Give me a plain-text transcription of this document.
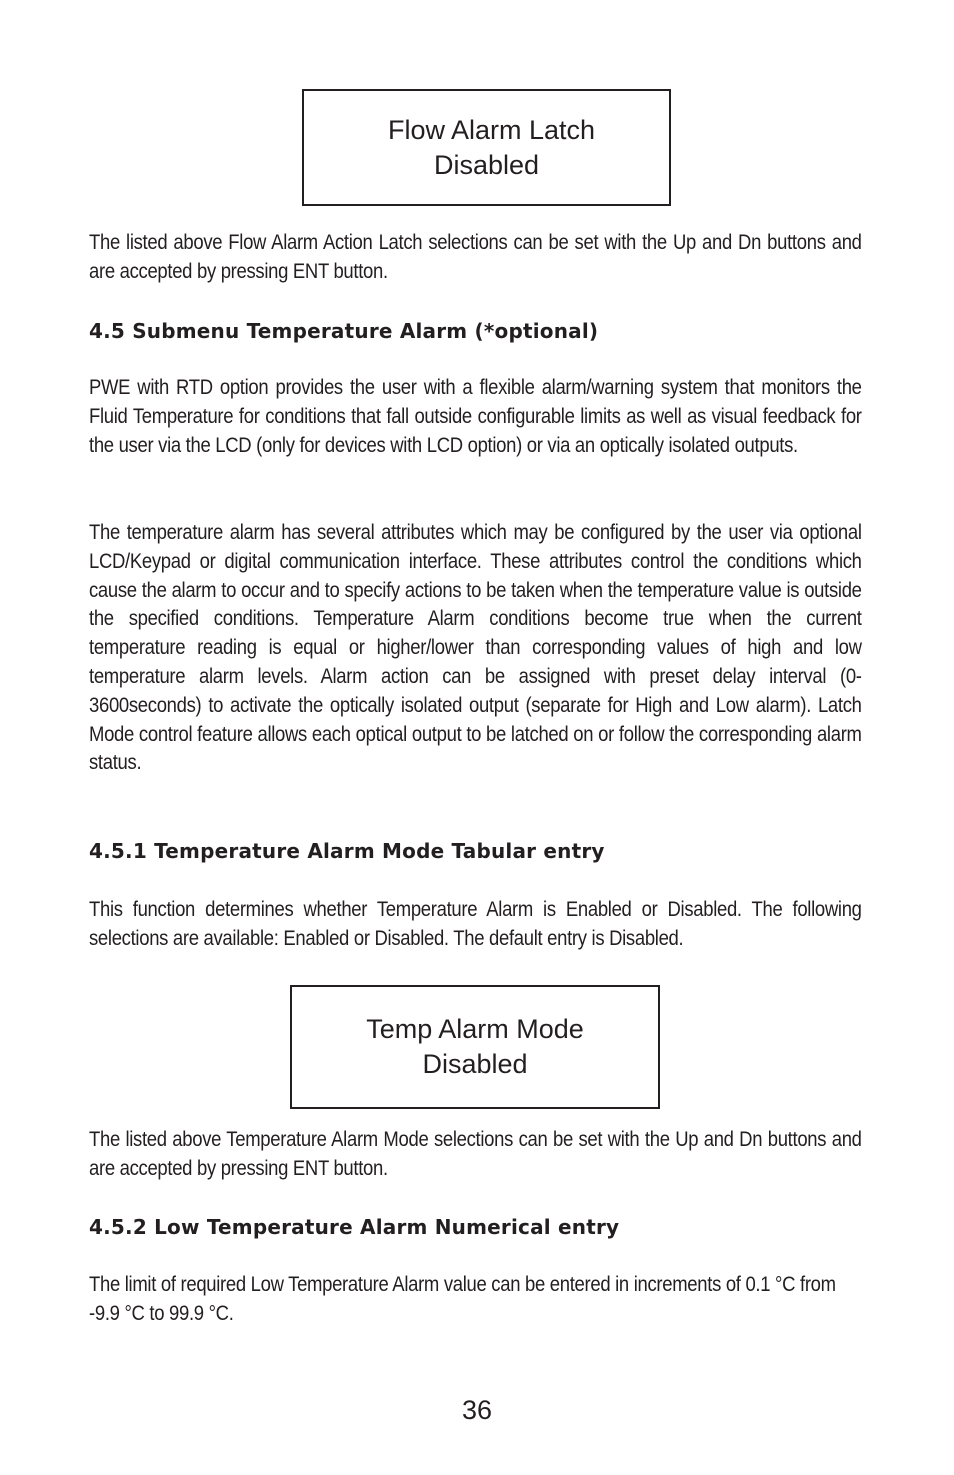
Flow Alarm Latch
Disabled

The listed above Flow Alarm Action Latch selections can be set with the Up and Dn buttons and are accepted by pressing ENT button.

4.5 Submenu Temperature Alarm (*optional)

PWE with RTD option provides the user with a flexible alarm/warning system that monitors the Fluid Temperature for conditions that fall outside configurable limits as well as visual feedback for the user via the LCD (only for devices with LCD option) or via an optically isolated outputs.

The temperature alarm has several attributes which may be configured by the user via optional LCD/Keypad or digital communication interface. These attributes control the conditions which cause the alarm to occur and to specify actions to be taken when the temperature value is outside the specified conditions. Temperature Alarm conditions become true when the current temperature reading is equal or higher/lower than corresponding values of high and low temperature alarm levels. Alarm action can be assigned with preset delay interval (0-3600seconds) to activate the optically isolated output (separate for High and Low alarm). Latch Mode control feature allows each optical output to be latched on or follow the corresponding alarm status.

4.5.1 Temperature Alarm Mode Tabular entry

This function determines whether Temperature Alarm is Enabled or Disabled. The following selections are available: Enabled or Disabled. The default entry is Disabled.

Temp Alarm Mode
Disabled

The listed above Temperature Alarm Mode selections can be set with the Up and Dn buttons and are accepted by pressing ENT button.

4.5.2 Low Temperature Alarm Numerical entry

The limit of required Low Temperature Alarm value can be entered in increments of 0.1 °C from -9.9 °C to 99.9 °C.

36
